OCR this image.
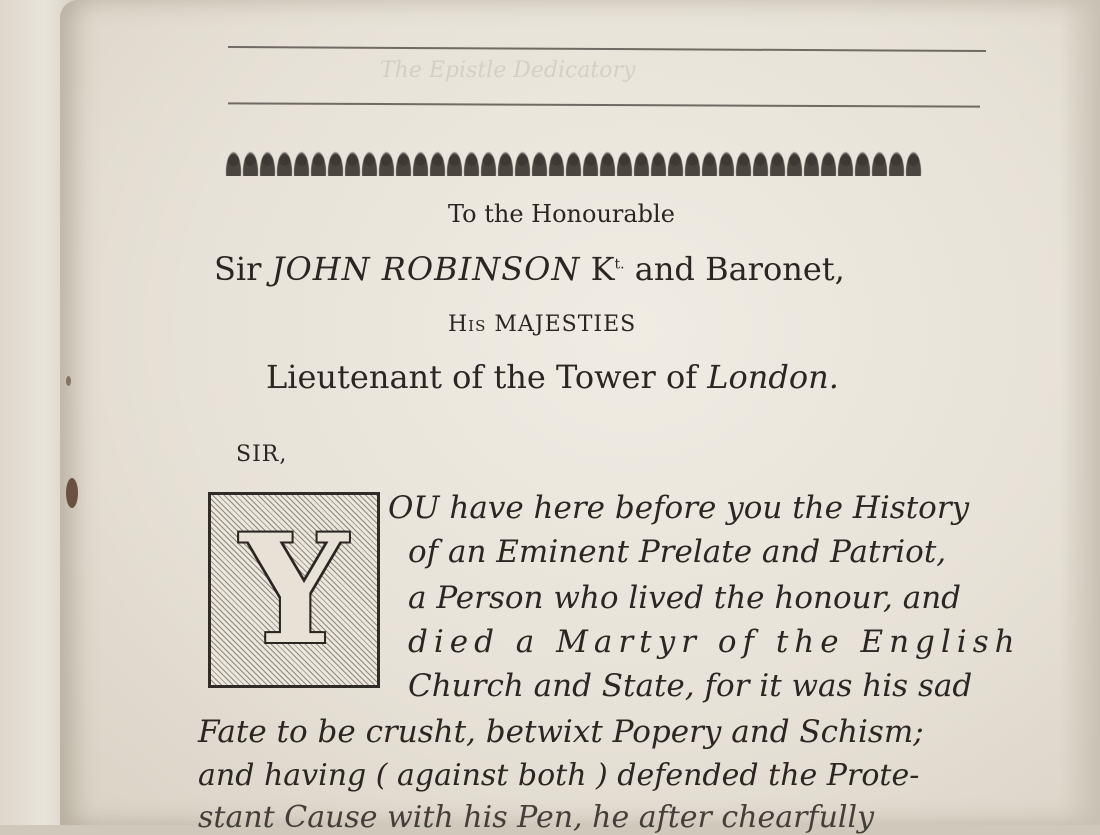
The Epistle Dedicatory
To the Honourable
Sir JOHN ROBINSON $K^{t.}$ and Baronet,
His MAJESTIES
Lieutenant of the Tower of London.
SIR,
Y	OU have here before you the History
of an Eminent Prelate and Patriot,
a Person who lived the honour, and
died a Martyr of the English
Church and State, for it was his sad
Fate to be crusht, betwixt Popery and Schism;
and having ( against both ) defended the Prote-
stant Cause with his Pen, he after chearfully
